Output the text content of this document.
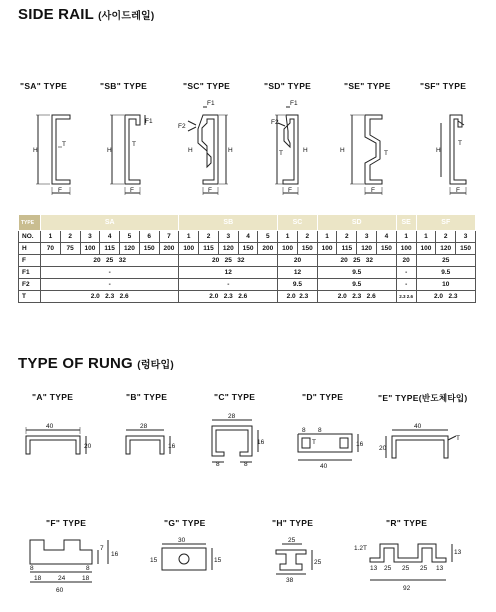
SIDE RAIL (사이드레일)
"SA" TYPE	"SB" TYPE	"SC" TYPE	"SD" TYPE	"SE" TYPE	"SF" TYPE
H
T
F
H
T
F
F1
H
F1
F2
H
F
F1
F2
T	H
F
H	T
F
H
T
F
TYPE	SA							SB					SC		SD				SE	SF		
NO.	1	2	3	4	5	6	7	1	2	3	4	5	1	2	1	2	3	4	1	1	2	3
H	70	75	100	115	120	150	200	100	115	120	150	200	100	150	100	115	120	150	100	100	120	150
F	20   25   32							20   25   32					20		20   25   32				20	25		
F1	-							12					12		9.5				-	9.5		
F2	-							-					9.5		9.5				-	10		
T	2.0   2.3   2.6							2.0   2.3   2.6					2.0  2.3		2.0   2.3   2.6				2.3 2.6	2.0   2.3		
TYPE OF RUNG (렁타입)
"A" TYPE	"B" TYPE	"C" TYPE	"D" TYPE	"E" TYPE(반도체타입)
"F" TYPE	"G" TYPE	"H" TYPE	"R" TYPE
40
20
28
16
28
16
8	8
8 8
16
T
40
40
20
T
7
16
8	8
18	24	18
60
30
15
15
25
25
38
1.2T
13
13 25 25 25 13
92
